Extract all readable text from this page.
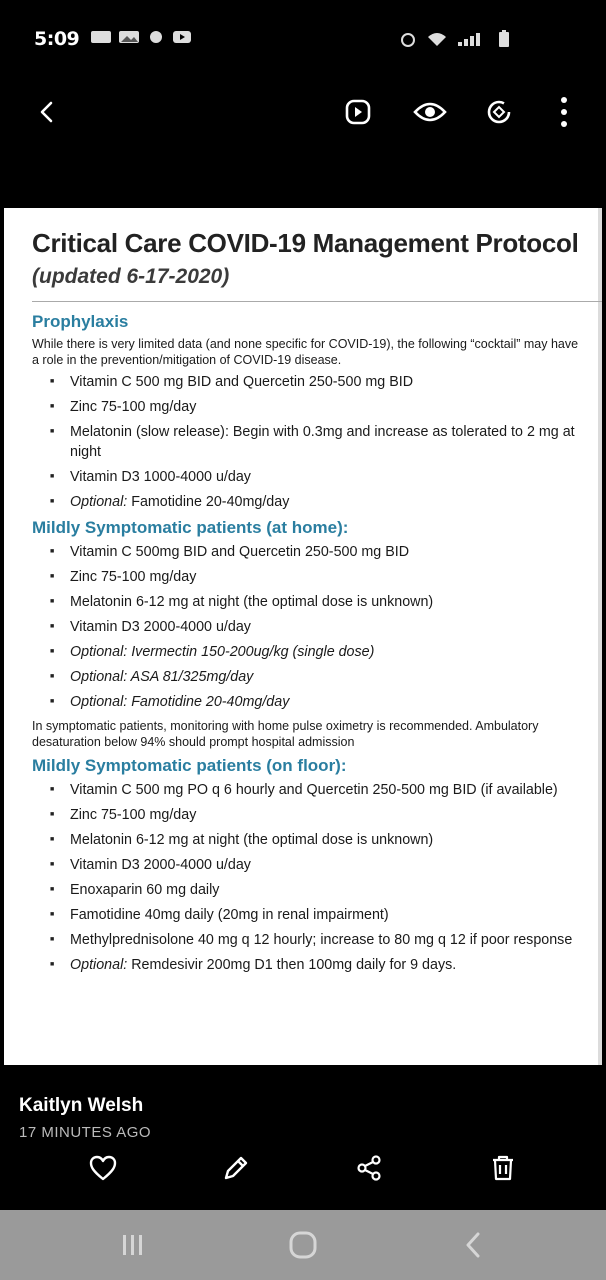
5:09
Critical Care COVID-19 Management Protocol
(updated 6-17-2020)
Prophylaxis

While there is very limited data (and none specific for COVID-19), the following “cocktail” may have a role in the prevention/mitigation of COVID-19 disease.

■ Vitamin C 500 mg BID and Quercetin 250-500 mg BID
■ Zinc 75-100 mg/day
■ Melatonin (slow release): Begin with 0.3mg and increase as tolerated to 2 mg at night
■ Vitamin D3 1000-4000 u/day
■ Optional: Famotidine 20-40mg/day
Mildly Symptomatic patients (at home):
■ Vitamin C 500mg BID and Quercetin 250-500 mg BID
■ Zinc 75-100 mg/day
■ Melatonin 6-12 mg at night (the optimal dose is unknown)
■ Vitamin D3 2000-4000 u/day
■ Optional: Ivermectin 150-200ug/kg (single dose)
■ Optional: ASA 81/325mg/day
■ Optional: Famotidine 20-40mg/day

In symptomatic patients, monitoring with home pulse oximetry is recommended. Ambulatory desaturation below 94% should prompt hospital admission

Mildly Symptomatic patients (on floor):
■ Vitamin C 500 mg PO q 6 hourly and Quercetin 250-500 mg BID (if available)
■ Zinc 75-100 mg/day
■ Melatonin 6-12 mg at night (the optimal dose is unknown)
■ Vitamin D3 2000-4000 u/day
■ Enoxaparin 60 mg daily
■ Famotidine 40mg daily (20mg in renal impairment)
■ Methylprednisolone 40 mg q 12 hourly; increase to 80 mg q 12 if poor response
■ Optional: Remdesivir 200mg D1 then 100mg daily for 9 days.
Kaitlyn Welsh
17 MINUTES AGO
